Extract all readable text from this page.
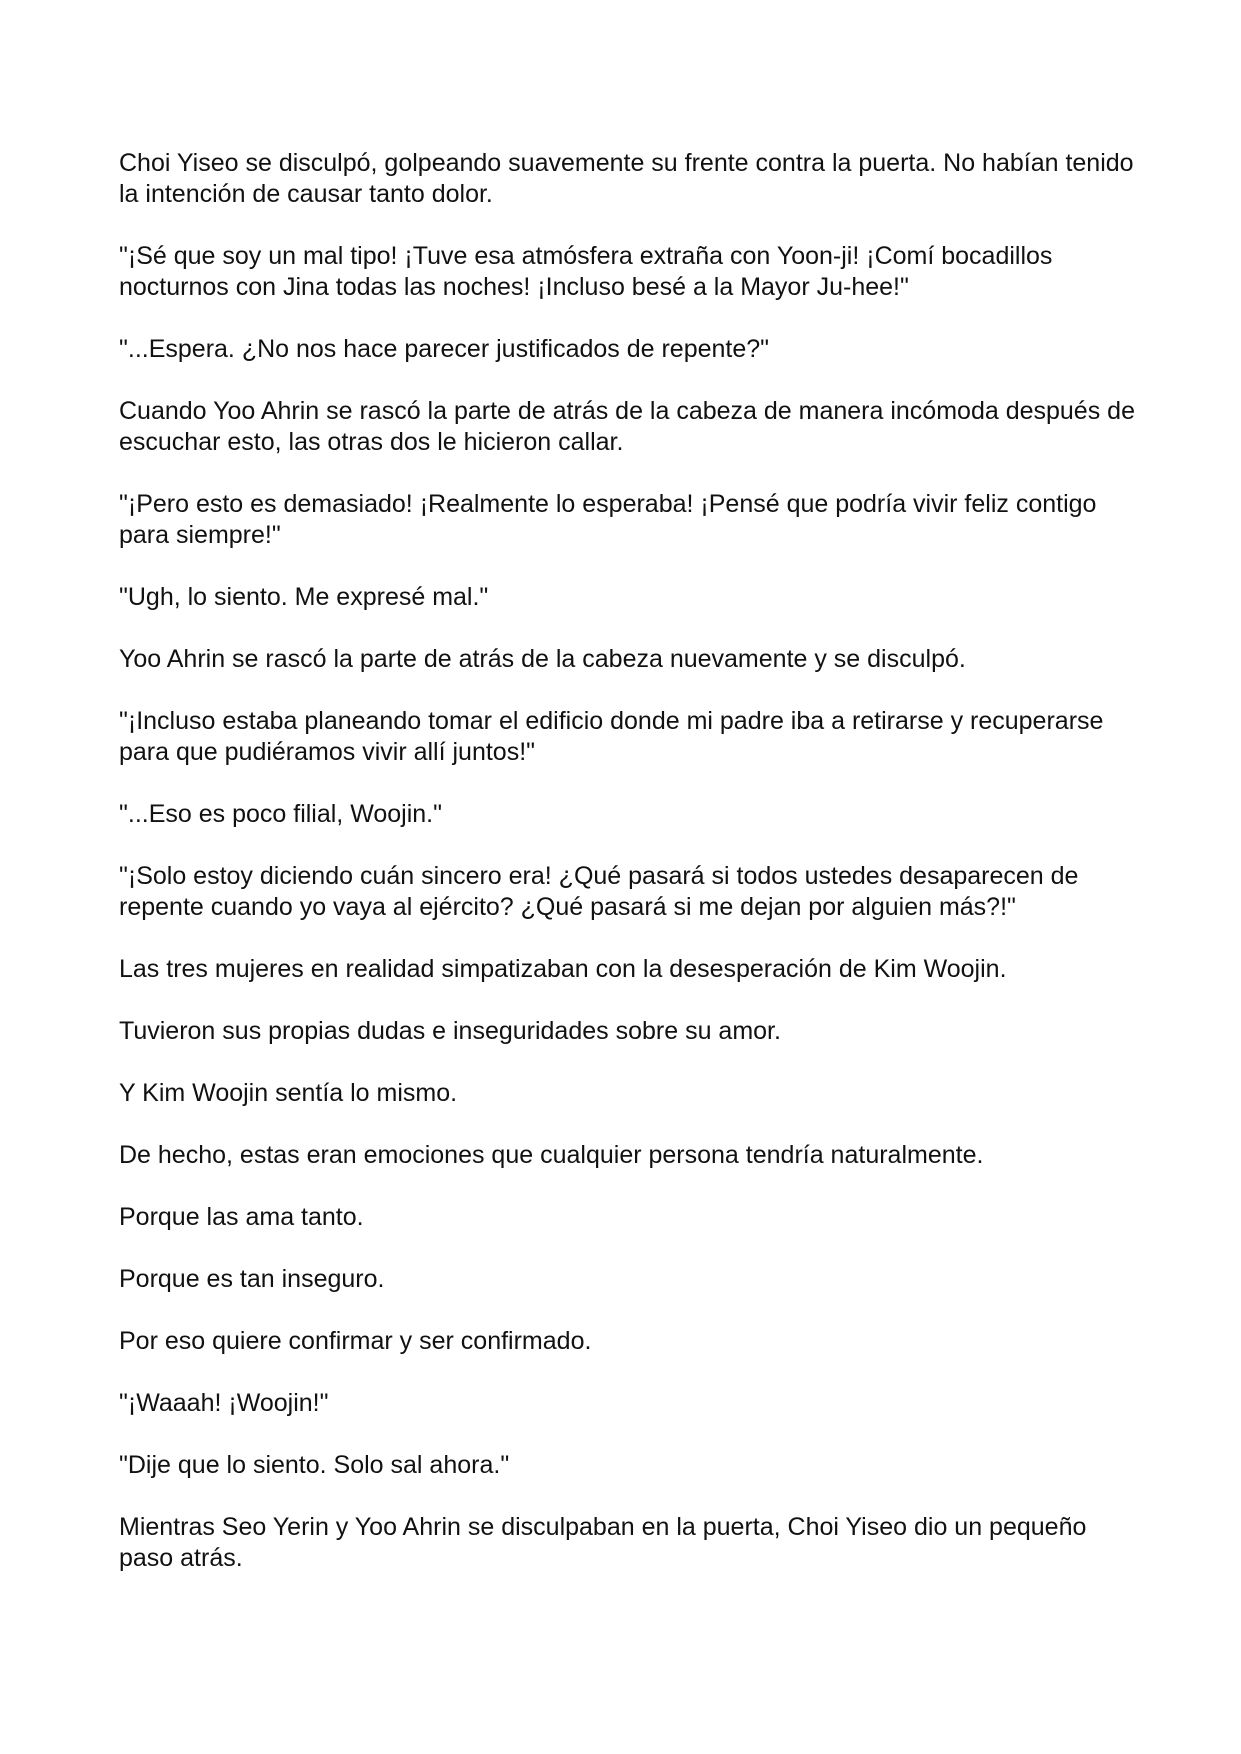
Choi Yiseo se disculpó, golpeando suavemente su frente contra la puerta. No habían tenido la intención de causar tanto dolor.

"¡Sé que soy un mal tipo! ¡Tuve esa atmósfera extraña con Yoon-ji! ¡Comí bocadillos nocturnos con Jina todas las noches! ¡Incluso besé a la Mayor Ju-hee!"

"...Espera. ¿No nos hace parecer justificados de repente?"

Cuando Yoo Ahrin se rascó la parte de atrás de la cabeza de manera incómoda después de escuchar esto, las otras dos le hicieron callar.

"¡Pero esto es demasiado! ¡Realmente lo esperaba! ¡Pensé que podría vivir feliz contigo para siempre!"

"Ugh, lo siento. Me expresé mal."

Yoo Ahrin se rascó la parte de atrás de la cabeza nuevamente y se disculpó.

"¡Incluso estaba planeando tomar el edificio donde mi padre iba a retirarse y recuperarse para que pudiéramos vivir allí juntos!"

"...Eso es poco filial, Woojin."

"¡Solo estoy diciendo cuán sincero era! ¿Qué pasará si todos ustedes desaparecen de repente cuando yo vaya al ejército? ¿Qué pasará si me dejan por alguien más?!"

Las tres mujeres en realidad simpatizaban con la desesperación de Kim Woojin.

Tuvieron sus propias dudas e inseguridades sobre su amor.

Y Kim Woojin sentía lo mismo.

De hecho, estas eran emociones que cualquier persona tendría naturalmente.

Porque las ama tanto.

Porque es tan inseguro.

Por eso quiere confirmar y ser confirmado.

"¡Waaah! ¡Woojin!"

"Dije que lo siento. Solo sal ahora."

Mientras Seo Yerin y Yoo Ahrin se disculpaban en la puerta, Choi Yiseo dio un pequeño paso atrás.
